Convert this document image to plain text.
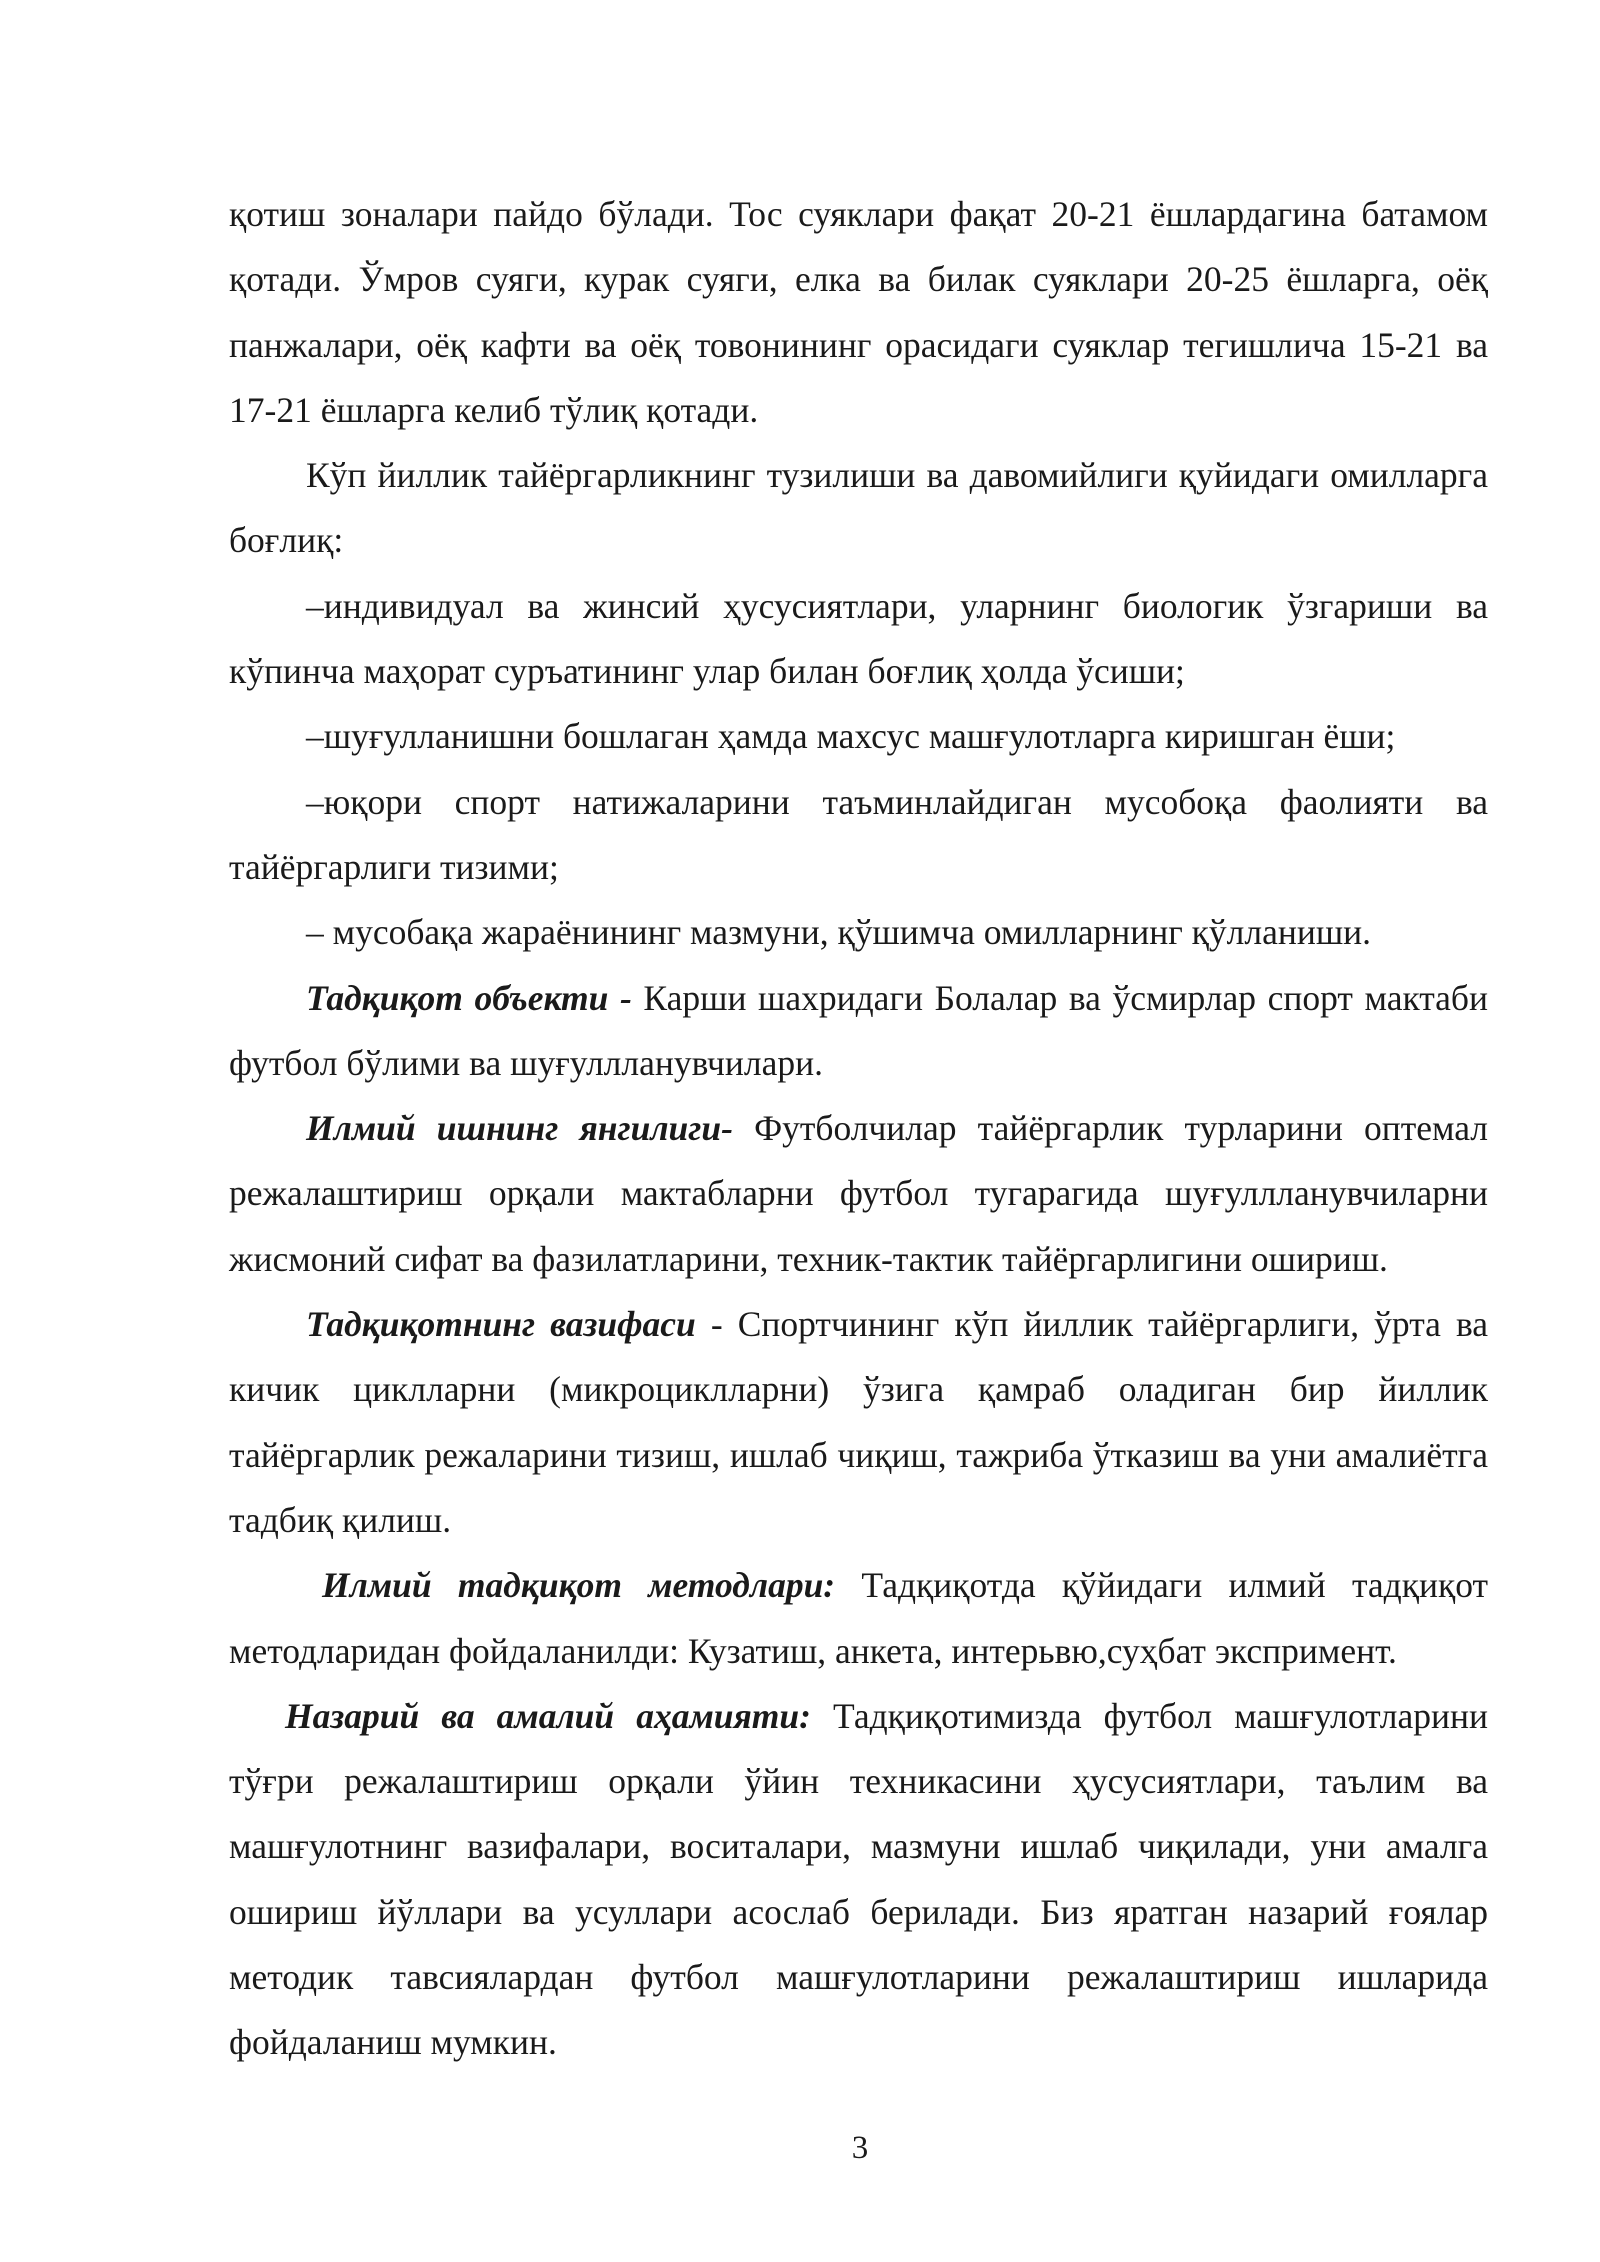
қотиш зоналари пайдо бўлади. Тос суяклари фақат 20-21 ёшлардагина батамом қотади. Ўмров суяги, курак суяги, елка ва билак суяклари 20-25 ёшларга, оёқ панжалари, оёқ кафти ва оёқ товонининг орасидаги суяклар тегишлича 15-21 ва 17-21 ёшларга келиб тўлиқ қотади.

Кўп йиллик тайёргарликнинг тузилиши ва давомийлиги қуйидаги омилларга боғлиқ:

–индивидуал ва жинсий ҳусусиятлари, уларнинг биологик ўзгариши ва кўпинча маҳорат суръатининг улар билан боғлиқ ҳолда ўсиши;

–шуғулланишни бошлаган ҳамда махсус машғулотларга киришган ёши;

–юқори спорт натижаларини таъминлайдиган мусобоқа фаолияти ва тайёргарлиги тизими;

– мусобақа жараёнининг мазмуни, қўшимча омилларнинг қўлланиши.

Тадқиқот объекти - Карши шахридаги Болалар ва ўсмирлар спорт мактаби футбол бўлими ва шуғуллланувчилари.

Илмий ишнинг янгилиги- Футболчилар тайёргарлик турларини оптемал режалаштириш орқали мактабларни футбол тугарагида шуғуллланувчиларни жисмоний сифат ва фазилатларини, техник-тактик тайёргарлигини ошириш.

Тадқиқотнинг вазифаси - Спортчининг кўп йиллик тайёргарлиги, ўрта ва кичик циклларни (микроциклларни) ўзига қамраб оладиган бир йиллик тайёргарлик режаларини тизиш, ишлаб чиқиш, тажриба ўтказиш ва уни амалиётга тадбиқ қилиш.

Илмий тадқиқот методлари: Тадқиқотда қўйидаги илмий тадқиқот методларидан фойдаланилди: Кузатиш, анкета, интерьвю,суҳбат экспримент.

Назарий ва амалий аҳамияти: Тадқиқотимизда футбол машғулотларини тўғри режалаштириш орқали ўйин техникасини ҳусусиятлари, таълим ва машғулотнинг вазифалари, воситалари, мазмуни ишлаб чиқилади, уни амалга ошириш йўллари ва усуллари асослаб берилади. Биз яратган назарий ғоялар методик тавсиялардан футбол машғулотларини режалаштириш ишларида фойдаланиш мумкин.

3
